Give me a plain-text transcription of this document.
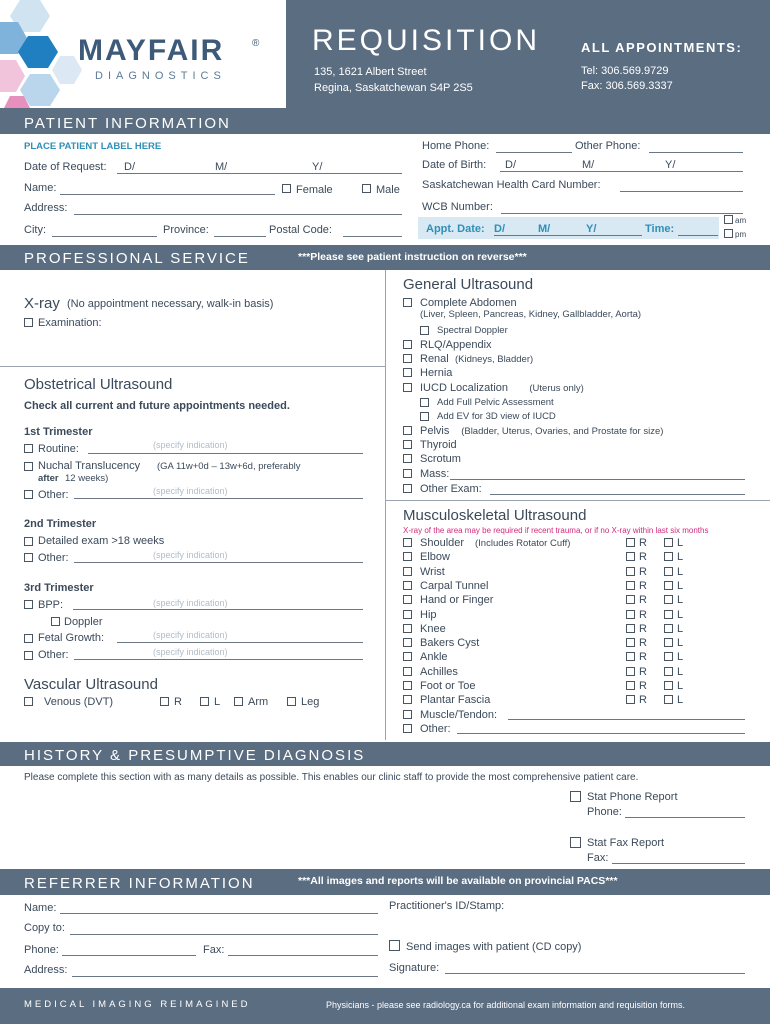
MAYFAIR	®
DIAGNOSTICS
REQUISITION
135, 1621 Albert Street
Regina, Saskatchewan S4P 2S5
ALL APPOINTMENTS:
Tel: 306.569.9729
Fax: 306.569.3337
PATIENT INFORMATION
PLACE PATIENT LABEL HERE
Date of Request: D/	M/	Y/
Name:	Female	Male
Address:
City:	Province:	Postal Code:
Home Phone:	Other Phone:
Date of Birth: D/	M/	Y/
Saskatchewan Health Card Number:
WCB Number:
Appt. Date: D/	M/	Y/	Time:
am
pm
PROFESSIONAL SERVICE	***Please see patient instruction on reverse***
X-ray (No appointment necessary, walk-in basis)
Examination:
Obstetrical Ultrasound
Check all current and future appointments needed.
1st Trimester
Routine:	(specify indication)
Nuchal Translucency (GA 11w+0d – 13w+6d, preferably
after 12 weeks)
Other:	(specify indication)
2nd Trimester
Detailed exam >18 weeks
Other:	(specify indication)
3rd Trimester
BPP:	(specify indication)
Doppler
Fetal Growth:	(specify indication)
Other:	(specify indication)
Vascular Ultrasound
Venous (DVT)	R	L	Arm	Leg
General Ultrasound
Complete Abdomen
Spectral Doppler
RLQ/Appendix
Renal (Kidneys, Bladder)
Hernia
IUCD Localization (Uterus only)
Add Full Pelvic Assessment
Add EV for 3D view of IUCD
Pelvis (Bladder, Uterus, Ovaries, and Prostate for size)
Thyroid
Scrotum
Mass:
Other Exam:
(Liver, Spleen, Pancreas, Kidney, Gallbladder, Aorta)
Musculoskeletal Ultrasound
X-ray of the area may be required if recent trauma, or if no X-ray within last six months
Shoulder	R	L
Elbow	R	L
Wrist	R	L
Carpal Tunnel	R	L
Hand or Finger	R	L
Hip	R	L
Knee	R	L
Bakers Cyst	R	L
Ankle	R	L
Achilles	R	L
Foot or Toe	R	L
Plantar Fascia	R	L
Muscle/Tendon:
Other:
(Includes Rotator Cuff)
HISTORY & PRESUMPTIVE DIAGNOSIS
Please complete this section with as many details as possible. This enables our clinic staff to provide the most comprehensive patient care.
Stat Phone Report
Phone:
Stat Fax Report
Fax:
REFERRER INFORMATION	***All images and reports will be available on provincial PACS***
Name:
Copy to:
Phone:	Fax:
Address:
Practitioner's ID/Stamp:
Send images with patient (CD copy)
Signature:
MEDICAL IMAGING REIMAGINED	Physicians - please see radiology.ca for additional exam information and requisition forms.
